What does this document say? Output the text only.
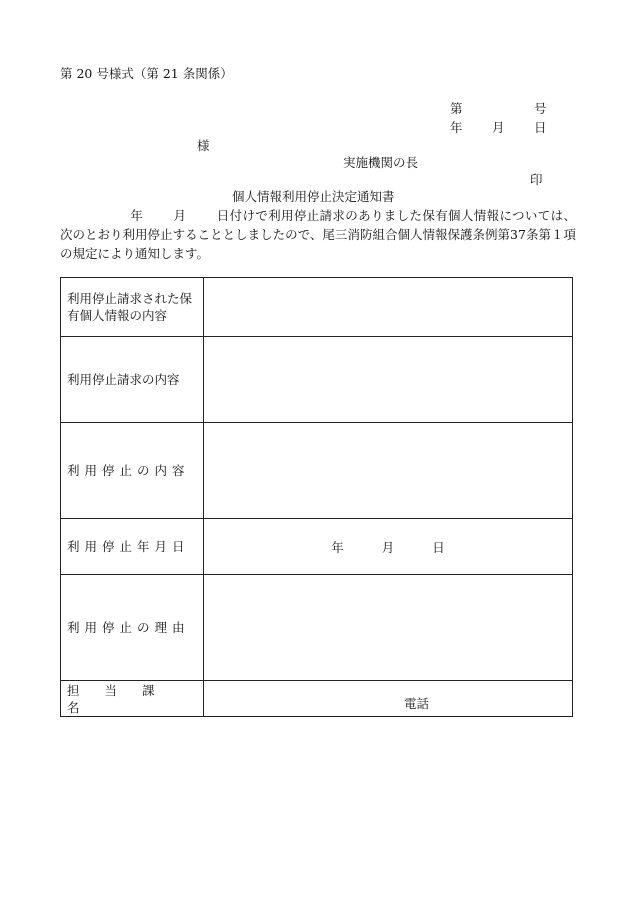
第 20 号様式（第 21 条関係）
第	号
年 月 日
様
実施機関の長
印
個人情報利用停止決定通知書
年 月 日付けで利用停止請求のありました保有個人情報については、次のとおり利用停止することとしましたので、尾三消防組合個人情報保護条例第37条第１項の規定により通知します。
利用停止請求された保有個人情報の内容	
利用停止請求の内容	
利用停止の内容	
利用停止年月日	年 月 日
利用停止の理由	
担当課名	電話
